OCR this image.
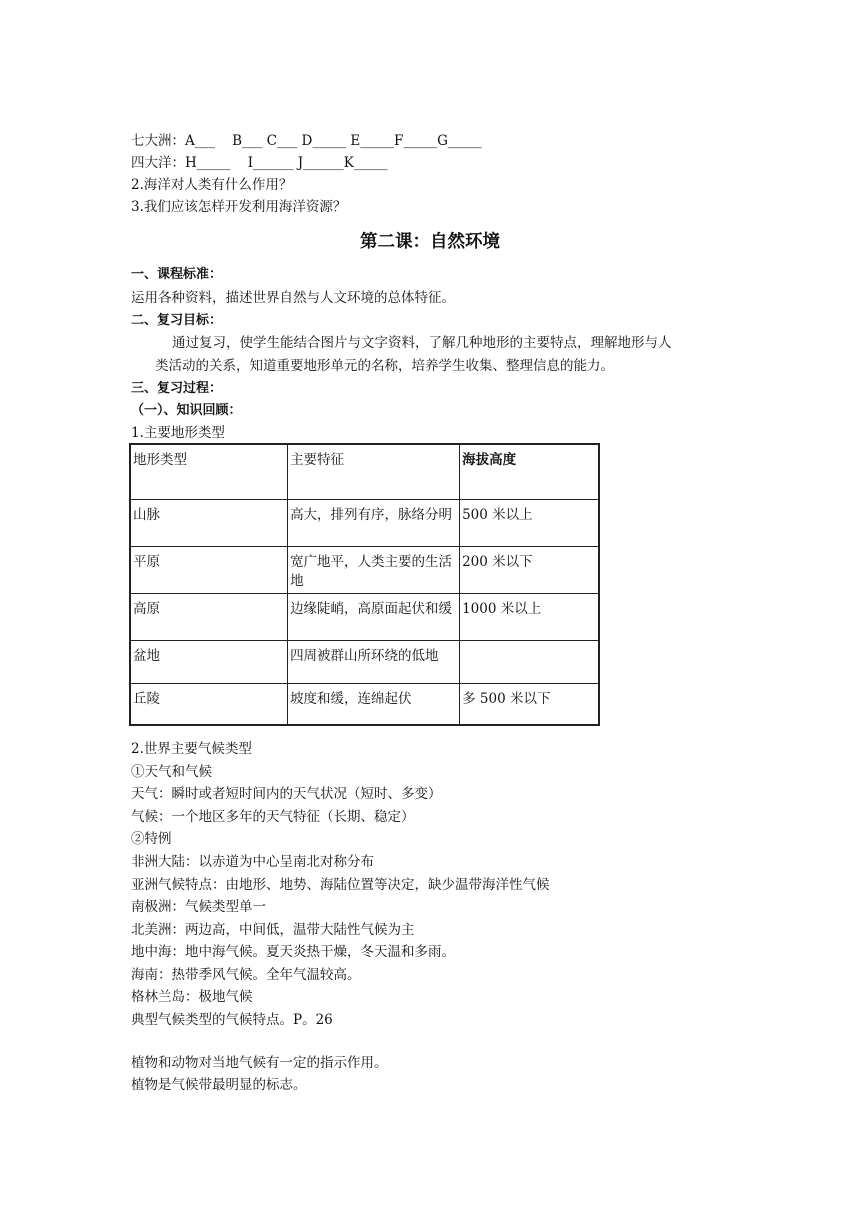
七大洲：A___    B___ C___ D_____ E_____F_____G_____
四大洋：H_____    I______ J______K_____
2.海洋对人类有什么作用？
3.我们应该怎样开发利用海洋资源？
第二课：自然环境
一、课程标准：
运用各种资料，描述世界自然与人文环境的总体特征。
二、复习目标：
通过复习，使学生能结合图片与文字资料，了解几种地形的主要特点，理解地形与人
类活动的关系，知道重要地形单元的名称，培养学生收集、整理信息的能力。
三、复习过程：
（一）、知识回顾：
1.主要地形类型
地形类型	主要特征	海拔高度
山脉	高大，排列有序，脉络分明	500 米以上
平原	宽广地平，人类主要的生活地	200 米以下
高原	边缘陡峭，高原面起伏和缓	1000 米以上
盆地	四周被群山所环绕的低地	
丘陵	坡度和缓，连绵起伏	多 500 米以下
2.世界主要气候类型
①天气和气候
天气：瞬时或者短时间内的天气状况（短时、多变）
气候：一个地区多年的天气特征（长期、稳定）
②特例
非洲大陆：以赤道为中心呈南北对称分布
亚洲气候特点：由地形、地势、海陆位置等决定，缺少温带海洋性气候
南极洲：气候类型单一
北美洲：两边高，中间低，温带大陆性气候为主
地中海：地中海气候。夏天炎热干燥，冬天温和多雨。
海南：热带季风气候。全年气温较高。
格林兰岛：极地气候
典型气候类型的气候特点。P。26
植物和动物对当地气候有一定的指示作用。
植物是气候带最明显的标志。
